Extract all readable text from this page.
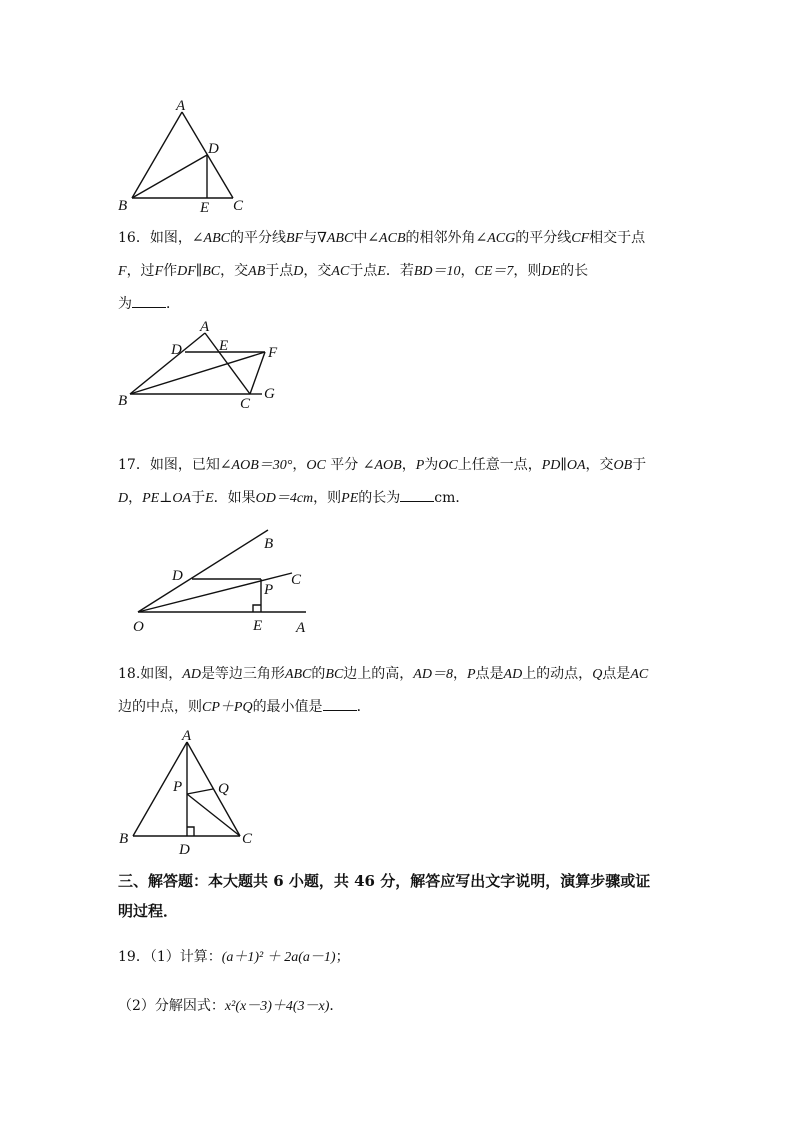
A
B	C
D
E

16．如图，∠ABC的平分线BF与∇ABC中∠ACB的相邻外角∠ACG的平分线CF相交于点
F，过F作DF∥BC，交AB于点D，交AC于点E．若BD＝10，CE＝7，则DE的长
为 ．

A
B	C
D E	F
G

17．如图，已知∠AOB＝30°，OC 平分 ∠AOB，P为OC上任意一点，PD∥OA，交OB于
D，PE⊥OA于E．如果OD＝4cm，则PE的长为 cm．

B
C
D
P
O	E A

18.如图，AD是等边三角形ABC的BC边上的高，AD＝8，P点是AD上的动点，Q点是AC
边的中点，则CP＋PQ的最小值是 ．

A
P Q
B	C
D

三、解答题：本大题共 6 小题，共 46 分，解答应写出文字说明，演算步骤或证
明过程．

19．（1）计算：(a＋1)² ＋ 2a(a－1)；
（2）分解因式：x²(x－3)＋4(3－x)．
